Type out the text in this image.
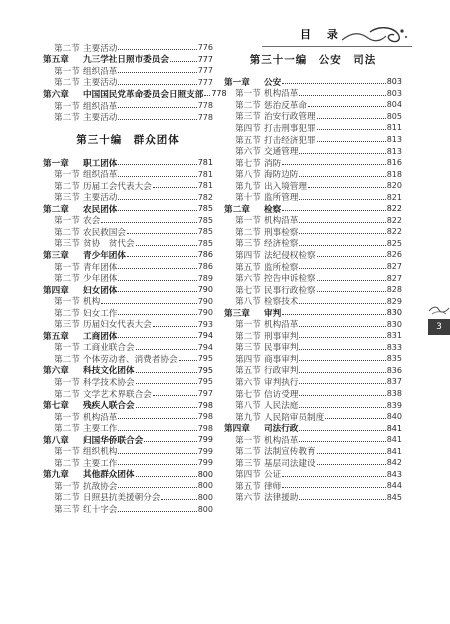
目 录
3
第二节 主要活动	776
第五章	九三学社日照市委员会	777
第一节 组织沿革	777
第二节 主要活动	777
第六章	中国国民党革命委员会日照支部 778
第一节 组织沿革	778
第二节 主要活动	778
第三十编　群众团体
第一章	职工团体	781
第一节 组织沿革	781
第二节 历届工会代表大会	781
第三节 主要活动	782
第二章	农民团体	785
第一节 农会	785
第二节 农民救国会	785
第三节 贫协　贫代会	785
第三章	青少年团体	786
第一节 青年团体	786
第二节 少年团体	789
第四章	妇女团体	790
第一节 机构	790
第二节 妇女工作	790
第三节 历届妇女代表大会	793
第五章	工商团体	794
第一节 工商业联合会	794
第二节 个体劳动者、消费者协会	795
第六章	科技文化团体	795
第一节 科学技术协会	795
第二节 文学艺术界联合会	797
第七章	残疾人联合会	798
第一节 机构沿革	798
第二节 主要工作	798
第八章	归国华侨联合会	799
第一节 组织机构	799
第二节 主要工作	799
第九章	其他群众团体	800
第一节 抗敌协会	800
第二节 日照县抗美援朝分会	800
第三节 红十字会	800
第三十一编　公安　司法
第一章	公安	803
第一节 机构沿革	803
第二节 惩治反革命	804
第三节 治安行政管理	805
第四节 打击刑事犯罪	811
第五节 打击经济犯罪	813
第六节 交通管理	813
第七节 消防	816
第八节 海防边防	818
第九节 出入境管理	820
第十节 监所管理	821
第二章	检察	822
第一节 机构沿革	822
第二节 刑事检察	822
第三节 经济检察	825
第四节 法纪侵权检察	826
第五节 监所检察	827
第六节 控告申诉检察	827
第七节 民事行政检察	828
第八节 检察技术	829
第三章	审判	830
第一节 机构沿革	830
第二节 刑事审判	831
第三节 民事审判	833
第四节 商事审判	835
第五节 行政审判	836
第六节 审判执行	837
第七节 信访受理	838
第八节 人民法庭	839
第九节 人民陪审员制度	840
第四章	司法行政	841
第一节 机构沿革	841
第二节 法制宣传教育	841
第三节 基层司法建设	842
第四节 公证	843
第五节 律师	844
第六节 法律援助	845
